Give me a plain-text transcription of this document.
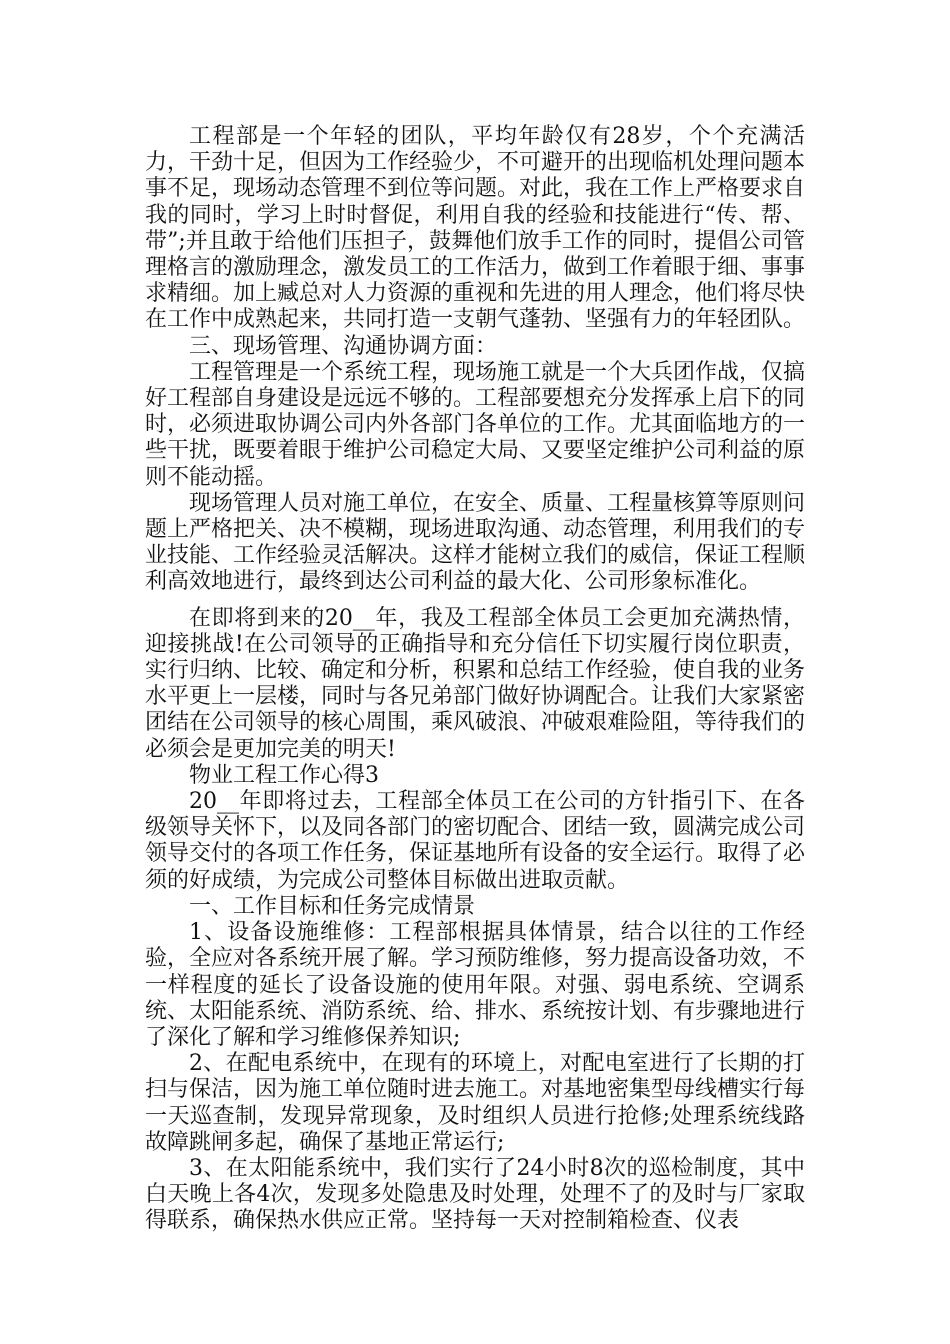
工程部是一个年轻的团队，平均年龄仅有28岁，个个充满活力，干劲十足，但因为工作经验少，不可避开的出现临机处理问题本事不足，现场动态管理不到位等问题。对此，我在工作上严格要求自我的同时，学习上时时督促，利用自我的经验和技能进行“传、帮、带”;并且敢于给他们压担子，鼓舞他们放手工作的同时，提倡公司管理格言的激励理念，激发员工的工作活力，做到工作着眼于细、事事求精细。加上臧总对人力资源的重视和先进的用人理念，他们将尽快在工作中成熟起来，共同打造一支朝气蓬勃、坚强有力的年轻团队。

三、现场管理、沟通协调方面：

工程管理是一个系统工程，现场施工就是一个大兵团作战，仅搞好工程部自身建设是远远不够的。工程部要想充分发挥承上启下的同时，必须进取协调公司内外各部门各单位的工作。尤其面临地方的一些干扰，既要着眼于维护公司稳定大局、又要坚定维护公司利益的原则不能动摇。

现场管理人员对施工单位，在安全、质量、工程量核算等原则问题上严格把关、决不模糊，现场进取沟通、动态管理，利用我们的专业技能、工作经验灵活解决。这样才能树立我们的威信，保证工程顺利高效地进行，最终到达公司利益的最大化、公司形象标准化。

在即将到来的20__年，我及工程部全体员工会更加充满热情，迎接挑战!在公司领导的正确指导和充分信任下切实履行岗位职责，实行归纳、比较、确定和分析，积累和总结工作经验，使自我的业务水平更上一层楼，同时与各兄弟部门做好协调配合。让我们大家紧密团结在公司领导的核心周围，乘风破浪、冲破艰难险阻，等待我们的必须会是更加完美的明天!

物业工程工作心得3

20__年即将过去，工程部全体员工在公司的方针指引下、在各级领导关怀下，以及同各部门的密切配合、团结一致，圆满完成公司领导交付的各项工作任务，保证基地所有设备的安全运行。取得了必须的好成绩，为完成公司整体目标做出进取贡献。

一、工作目标和任务完成情景

1、设备设施维修：工程部根据具体情景，结合以往的工作经验，全应对各系统开展了解。学习预防维修，努力提高设备功效，不一样程度的延长了设备设施的使用年限。对强、弱电系统、空调系统、太阳能系统、消防系统、给、排水、系统按计划、有步骤地进行了深化了解和学习维修保养知识;

2、在配电系统中，在现有的环境上，对配电室进行了长期的打扫与保洁，因为施工单位随时进去施工。对基地密集型母线槽实行每一天巡查制，发现异常现象，及时组织人员进行抢修;处理系统线路故障跳闸多起，确保了基地正常运行;

3、在太阳能系统中，我们实行了24小时8次的巡检制度，其中白天晚上各4次，发现多处隐患及时处理，处理不了的及时与厂家取得联系，确保热水供应正常。坚持每一天对控制箱检查、仪表
